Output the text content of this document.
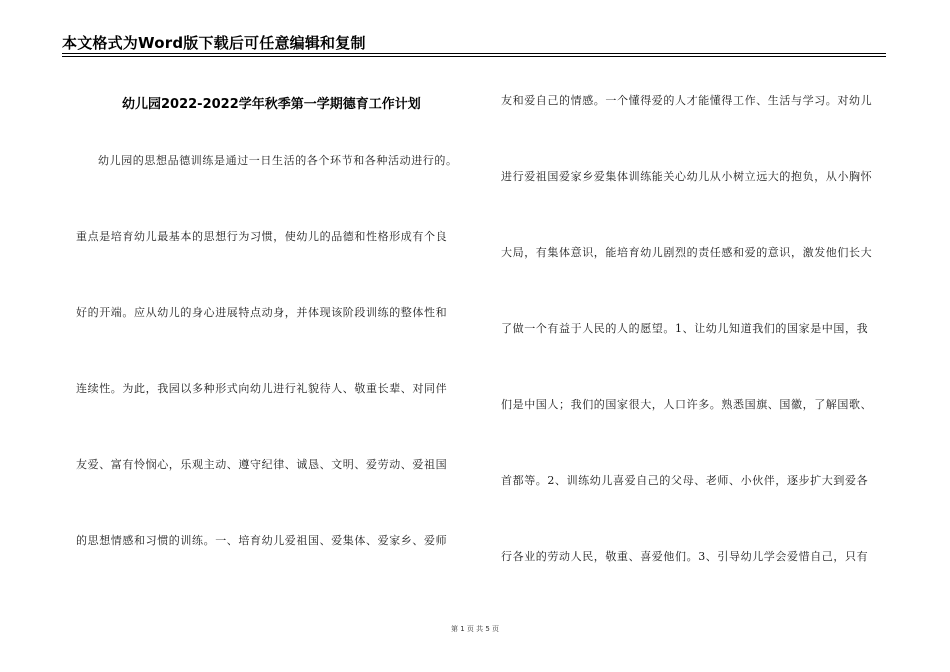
本文格式为Word版下载后可任意编辑和复制
幼儿园2022-2022学年秋季第一学期德育工作计划
幼儿园的思想品德训练是通过一日生活的各个环节和各种活动进行的。
重点是培育幼儿最基本的思想行为习惯，使幼儿的品德和性格形成有个良
好的开端。应从幼儿的身心进展特点动身，并体现该阶段训练的整体性和
连续性。为此，我园以多种形式向幼儿进行礼貌待人、敬重长辈、对同伴
友爱、富有怜悯心，乐观主动、遵守纪律、诚恳、文明、爱劳动、爱祖国
的思想情感和习惯的训练。一、培育幼儿爱祖国、爱集体、爱家乡、爱师
友和爱自己的情感。一个懂得爱的人才能懂得工作、生活与学习。对幼儿
进行爱祖国爱家乡爱集体训练能关心幼儿从小树立远大的抱负，从小胸怀
大局，有集体意识，能培育幼儿剧烈的责任感和爱的意识，激发他们长大
了做一个有益于人民的人的愿望。1、让幼儿知道我们的国家是中国，我
们是中国人；我们的国家很大，人口许多。熟悉国旗、国徽，了解国歌、
首都等。2、训练幼儿喜爱自己的父母、老师、小伙伴，逐步扩大到爱各
行各业的劳动人民，敬重、喜爱他们。3、引导幼儿学会爱惜自己，只有
第 1 页 共 5 页
